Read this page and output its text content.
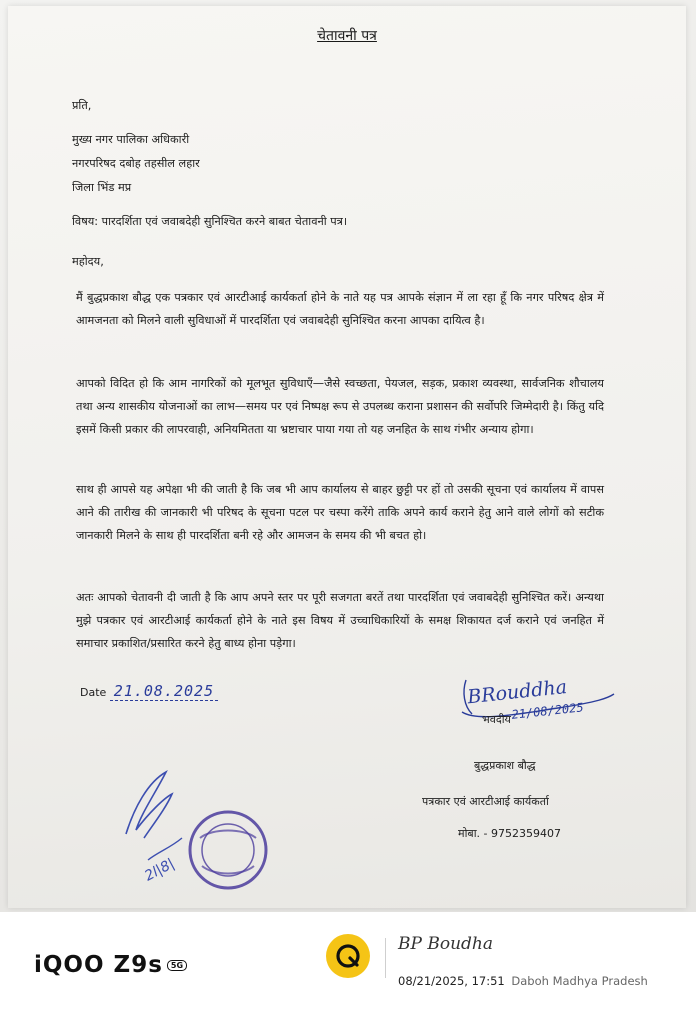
चेतावनी पत्र
प्रति,
मुख्य नगर पालिका अधिकारी
नगरपरिषद दबोह तहसील लहार
जिला भिंड मप्र
विषय: पारदर्शिता एवं जवाबदेही सुनिश्चित करने बाबत चेतावनी पत्र।
महोदय,

मैं बुद्धप्रकाश बौद्ध एक पत्रकार एवं आरटीआई कार्यकर्ता होने के नाते यह पत्र आपके संज्ञान में ला रहा हूँ कि नगर परिषद क्षेत्र में आमजनता को मिलने वाली सुविधाओं में पारदर्शिता एवं जवाबदेही सुनिश्चित करना आपका दायित्व है।

आपको विदित हो कि आम नागरिकों को मूलभूत सुविधाएँ—जैसे स्वच्छता, पेयजल, सड़क, प्रकाश व्यवस्था, सार्वजनिक शौचालय तथा अन्य शासकीय योजनाओं का लाभ—समय पर एवं निष्पक्ष रूप से उपलब्ध कराना प्रशासन की सर्वोपरि जिम्मेदारी है। किंतु यदि इसमें किसी प्रकार की लापरवाही, अनियमितता या भ्रष्टाचार पाया गया तो यह जनहित के साथ गंभीर अन्याय होगा।

साथ ही आपसे यह अपेक्षा भी की जाती है कि जब भी आप कार्यालय से बाहर छुट्टी पर हों तो उसकी सूचना एवं कार्यालय में वापस आने की तारीख की जानकारी भी परिषद के सूचना पटल पर चस्पा करेंगे ताकि अपने कार्य कराने हेतु आने वाले लोगों को सटीक जानकारी मिलने के साथ ही पारदर्शिता बनी रहे और आमजन के समय की भी बचत हो।

अतः आपको चेतावनी दी जाती है कि आप अपने स्तर पर पूरी सजगता बरतें तथा पारदर्शिता एवं जवाबदेही सुनिश्चित करें। अन्यथा मुझे पत्रकार एवं आरटीआई कार्यकर्ता होने के नाते इस विषय में उच्चाधिकारियों के समक्ष शिकायत दर्ज कराने एवं जनहित में समाचार प्रकाशित/प्रसारित करने हेतु बाध्य होना पड़ेगा।

Date 21.08.2025	BRouddha
21/08/2025
भवदीय
बुद्धप्रकाश बौद्ध
पत्रकार एवं आरटीआई कार्यकर्ता
मोबा. - 9752359407
2l|8|
iQOO Z9s 5G
BP Boudha
08/21/2025, 17:51 Daboh Madhya Pradesh
